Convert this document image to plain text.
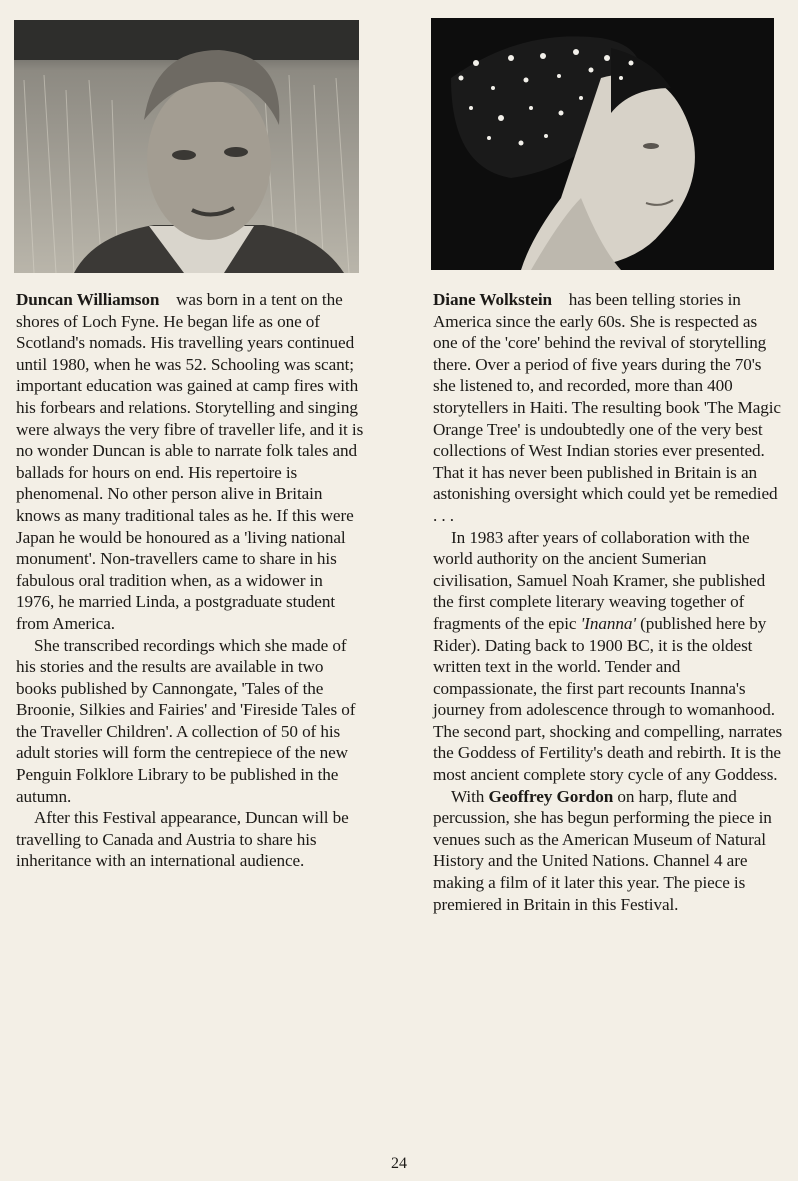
Duncan Williamson was born in a tent on the shores of Loch Fyne. He began life as one of Scotland's nomads. His travelling years continued until 1980, when he was 52. Schooling was scant; important education was gained at camp fires with his forbears and relations. Storytelling and singing were always the very fibre of traveller life, and it is no wonder Duncan is able to narrate folk tales and ballads for hours on end. His repertoire is phenomenal. No other person alive in Britain knows as many traditional tales as he. If this were Japan he would be honoured as a 'living national monument'. Non-travellers came to share in his fabulous oral tradition when, as a widower in 1976, he married Linda, a postgraduate student from America.

She transcribed recordings which she made of his stories and the results are available in two books published by Cannongate, 'Tales of the Broonie, Silkies and Fairies' and 'Fireside Tales of the Traveller Children'. A collection of 50 of his adult stories will form the centrepiece of the new Penguin Folklore Library to be published in the autumn.

After this Festival appearance, Duncan will be travelling to Canada and Austria to share his inheritance with an international audience.

Diane Wolkstein has been telling stories in America since the early 60s. She is respected as one of the 'core' behind the revival of storytelling there. Over a period of five years during the 70's she listened to, and recorded, more than 400 storytellers in Haiti. The resulting book 'The Magic Orange Tree' is undoubtedly one of the very best collections of West Indian stories ever presented. That it has never been published in Britain is an astonishing oversight which could yet be remedied . . .

In 1983 after years of collaboration with the world authority on the ancient Sumerian civilisation, Samuel Noah Kramer, she published the first complete literary weaving together of fragments of the epic 'Inanna' (published here by Rider). Dating back to 1900 BC, it is the oldest written text in the world. Tender and compassionate, the first part recounts Inanna's journey from adolescence through to womanhood. The second part, shocking and compelling, narrates the Goddess of Fertility's death and rebirth. It is the most ancient complete story cycle of any Goddess.

With Geoffrey Gordon on harp, flute and percussion, she has begun performing the piece in venues such as the American Museum of Natural History and the United Nations. Channel 4 are making a film of it later this year. The piece is premiered in Britain in this Festival.

24
